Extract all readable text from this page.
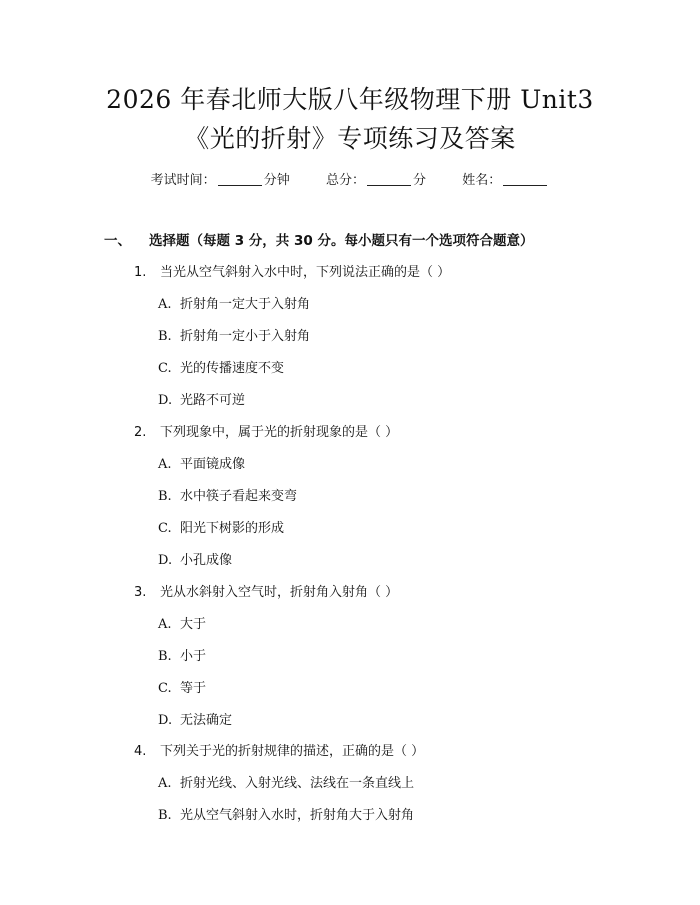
2026 年春北师大版八年级物理下册 Unit3
《光的折射》专项练习及答案
考试时间：	分钟	总分：	分	姓名：
一、 选择题（每题 3 分，共 30 分。每小题只有一个选项符合题意）
1. 当光从空气斜射入水中时，下列说法正确的是（ ）
A. 折射角一定大于入射角
B. 折射角一定小于入射角
C. 光的传播速度不变
D. 光路不可逆
2. 下列现象中，属于光的折射现象的是（ ）
A. 平面镜成像
B. 水中筷子看起来变弯
C. 阳光下树影的形成
D. 小孔成像
3. 光从水斜射入空气时，折射角入射角（ ）
A. 大于
B. 小于
C. 等于
D. 无法确定
4. 下列关于光的折射规律的描述，正确的是（ ）
A. 折射光线、入射光线、法线在一条直线上
B. 光从空气斜射入水时，折射角大于入射角
